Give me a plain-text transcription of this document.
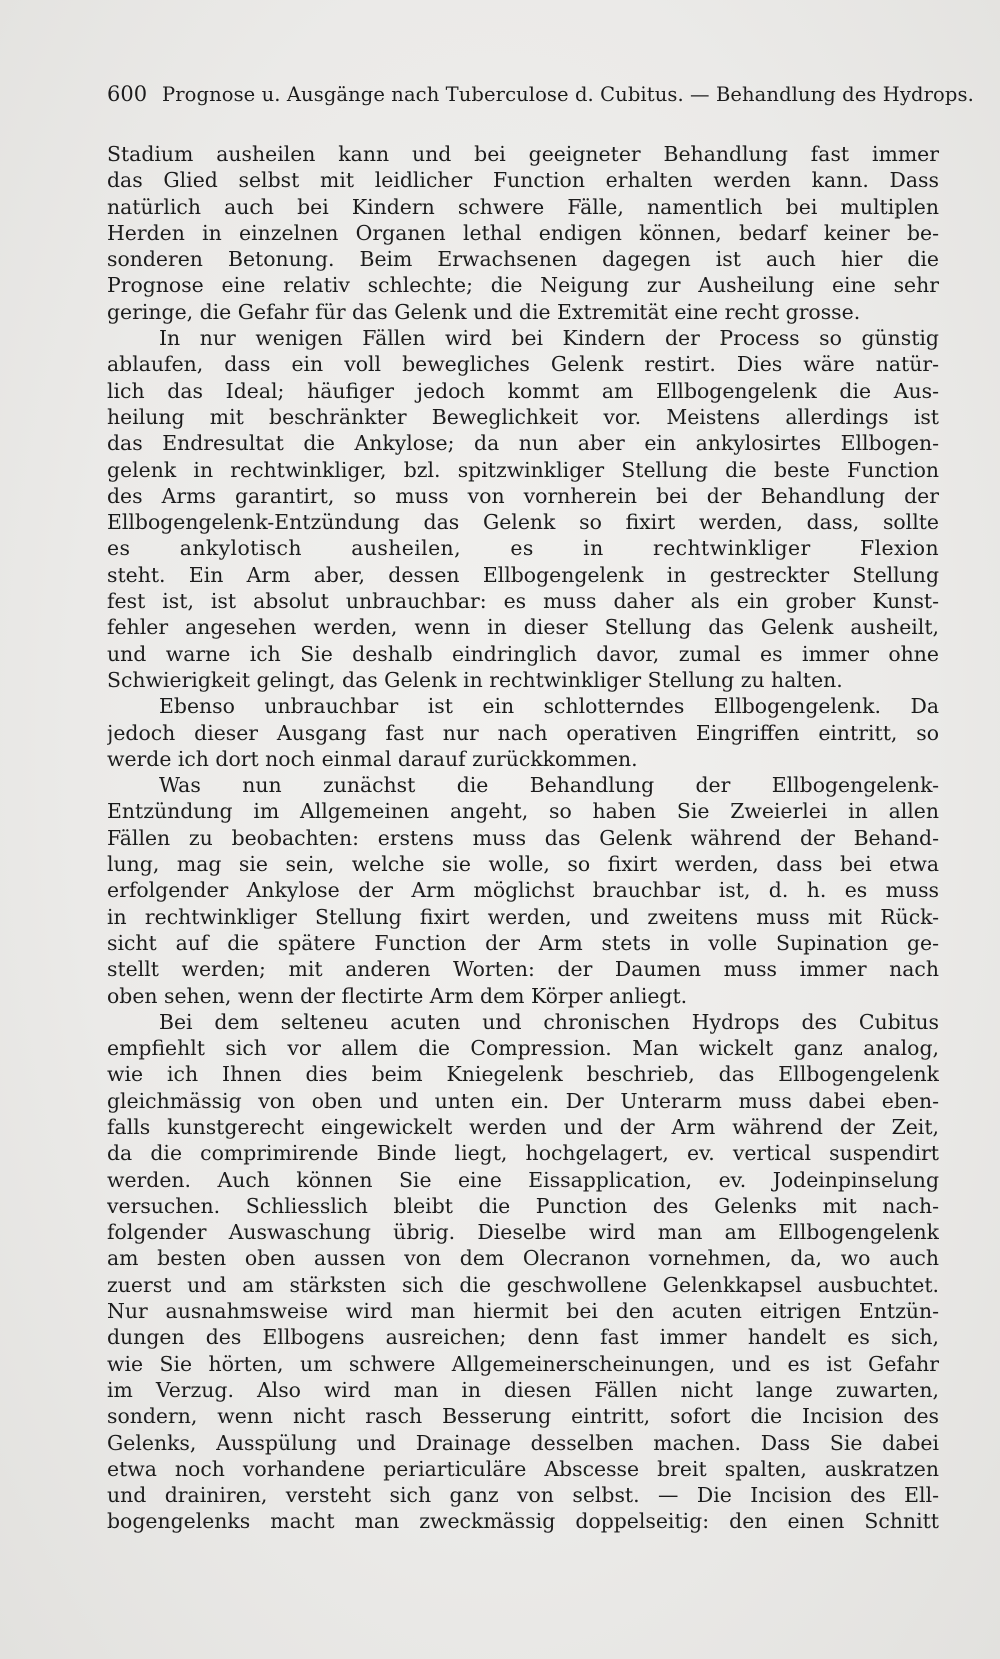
600 Prognose u. Ausgänge nach Tuberculose d. Cubitus. — Behandlung des Hydrops.
Stadium ausheilen kann und bei geeigneter Behandlung fast immer
das Glied selbst mit leidlicher Function erhalten werden kann. Dass
natürlich auch bei Kindern schwere Fälle, namentlich bei multiplen
Herden in einzelnen Organen lethal endigen können, bedarf keiner be-
sonderen Betonung. Beim Erwachsenen dagegen ist auch hier die
Prognose eine relativ schlechte; die Neigung zur Ausheilung eine sehr
geringe, die Gefahr für das Gelenk und die Extremität eine recht grosse.
In nur wenigen Fällen wird bei Kindern der Process so günstig
ablaufen, dass ein voll bewegliches Gelenk restirt. Dies wäre natür-
lich das Ideal; häufiger jedoch kommt am Ellbogengelenk die Aus-
heilung mit beschränkter Beweglichkeit vor. Meistens allerdings ist
das Endresultat die Ankylose; da nun aber ein ankylosirtes Ellbogen-
gelenk in rechtwinkliger, bzl. spitzwinkliger Stellung die beste Function
des Arms garantirt, so muss von vornherein bei der Behandlung der
Ellbogengelenk-Entzündung das Gelenk so fixirt werden, dass, sollte
es ankylotisch ausheilen, es in rechtwinkliger Flexion
steht. Ein Arm aber, dessen Ellbogengelenk in gestreckter Stellung
fest ist, ist absolut unbrauchbar: es muss daher als ein grober Kunst-
fehler angesehen werden, wenn in dieser Stellung das Gelenk ausheilt,
und warne ich Sie deshalb eindringlich davor, zumal es immer ohne
Schwierigkeit gelingt, das Gelenk in rechtwinkliger Stellung zu halten.
Ebenso unbrauchbar ist ein schlotterndes Ellbogengelenk. Da
jedoch dieser Ausgang fast nur nach operativen Eingriffen eintritt, so
werde ich dort noch einmal darauf zurückkommen.
Was nun zunächst die Behandlung der Ellbogengelenk-
Entzündung im Allgemeinen angeht, so haben Sie Zweierlei in allen
Fällen zu beobachten: erstens muss das Gelenk während der Behand-
lung, mag sie sein, welche sie wolle, so fixirt werden, dass bei etwa
erfolgender Ankylose der Arm möglichst brauchbar ist, d. h. es muss
in rechtwinkliger Stellung fixirt werden, und zweitens muss mit Rück-
sicht auf die spätere Function der Arm stets in volle Supination ge-
stellt werden; mit anderen Worten: der Daumen muss immer nach
oben sehen, wenn der flectirte Arm dem Körper anliegt.
Bei dem selteneu acuten und chronischen Hydrops des Cubitus
empfiehlt sich vor allem die Compression. Man wickelt ganz analog,
wie ich Ihnen dies beim Kniegelenk beschrieb, das Ellbogengelenk
gleichmässig von oben und unten ein. Der Unterarm muss dabei eben-
falls kunstgerecht eingewickelt werden und der Arm während der Zeit,
da die comprimirende Binde liegt, hochgelagert, ev. vertical suspendirt
werden. Auch können Sie eine Eissapplication, ev. Jodeinpinselung
versuchen. Schliesslich bleibt die Punction des Gelenks mit nach-
folgender Auswaschung übrig. Dieselbe wird man am Ellbogengelenk
am besten oben aussen von dem Olecranon vornehmen, da, wo auch
zuerst und am stärksten sich die geschwollene Gelenkkapsel ausbuchtet.
Nur ausnahmsweise wird man hiermit bei den acuten eitrigen Entzün-
dungen des Ellbogens ausreichen; denn fast immer handelt es sich,
wie Sie hörten, um schwere Allgemeinerscheinungen, und es ist Gefahr
im Verzug. Also wird man in diesen Fällen nicht lange zuwarten,
sondern, wenn nicht rasch Besserung eintritt, sofort die Incision des
Gelenks, Ausspülung und Drainage desselben machen. Dass Sie dabei
etwa noch vorhandene periarticuläre Abscesse breit spalten, auskratzen
und drainiren, versteht sich ganz von selbst. — Die Incision des Ell-
bogengelenks macht man zweckmässig doppelseitig: den einen Schnitt
